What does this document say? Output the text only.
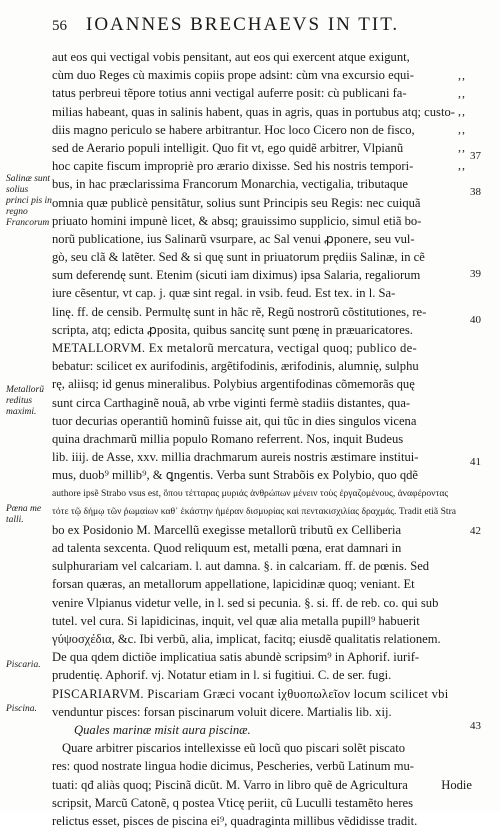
56 IOANNES BRECHAEVS IN TIT.
aut eos qui vectigal vobis pensitant, aut eos qui exercent atque exigunt,
cùm duo Reges cù maximis copiis prope adsint: cùm vna excursio equi-
tatus perbreui tẽpore totius anni vectigal auferre posit: cù publicani fa-
milias habeant, quas in salinis habent, quas in agris, quas in portubus atq; custo-
diis magno periculo se habere arbitrantur. Hoc loco Cicero non de fisco,
sed de Aerario populi intelligit. Quo fit vt, ego quidẽ arbitrer, Vlpianũ
hoc capite fiscum impropriè pro ærario dixisse. Sed his nostris tempori-
bus, in hac præclarissima Francorum Monarchia, vectigalia, tributaque
omnia quæ publicè pensitãtur, solius sunt Principis seu Regis: nec cuiquã
priuato homini impunè licet, & absq; grauissimo supplicio, simul etiã bo-
norũ publicatione, ius Salinarũ vsurpare, ac Sal venui ꝓponere, seu vul-
gò, seu clã & latẽter. Sed & si quę sunt in priuatorum prędiis Salinæ, in cẽ
sum deferendę sunt. Etenim (sicuti iam diximus) ipsa Salaria, regaliorum
iure cẽsentur, vt cap. j. quæ sint regal. in vsib. feud. Est tex. in l. Sa-
linę. ff. de censib. Permultę sunt in hãc rẽ, Regũ nostrorũ cõstitutiones, re-
scripta, atq; edicta ꝓposita, quibus sancitę sunt pœnę in præuaricatores.
METALLORVM. Ex metalorũ mercatura, vectigal quoq; publico de-
bebatur: scilicet ex aurifodinis, argẽtifodinis, ærifodinis, alumnię, sulphu
rę, aliisq; id genus mineralibus. Polybius argentifodinas cõmemorãs quę
sunt circa Carthaginẽ nouã, ab vrbe viginti fermè stadiis distantes, qua-
tuor decurias operantiũ hominũ fuisse ait, qui tũc in dies singulos vicena
quina drachmarũ millia populo Romano referrent. Nos, inquit Budeus
lib. iiij. de Asse, xxv. millia drachmarum aureis nostris æstimare institui-
mus, duob⁹ millib⁹, & ꝗngentis. Verba sunt Strabõis ex Polybio, quo qdẽ
authore ipsẽ Strabo vsus est, ὅπου τέτταρας μυριάς ἀνθρώπων μένειν τοὺς ἐργαζομένους, ἀναφέροντας
τότε τῷ δήμῳ τῶν ῥωμαίων καθ᾽ ἑκάστην ἡμέραν δισμυρίας καὶ πεντακισχιλίας δραχμάς. Tradit etiã Stra
bo ex Posidonio M. Marcellũ exegisse metallorũ tributũ ex Celliberia
ad talenta sexcenta. Quod reliquum est, metalli pœna, erat damnari in
sulphurariam vel calcariam. l. aut damna. §. in calcariam. ff. de pœnis. Sed
forsan quæras, an metallorum appellatione, lapicidinæ quoq; veniant. Et
venire Vlpianus videtur velle, in l. sed si pecunia. §. si. ff. de reb. co. qui sub
tutel. vel cura. Si lapidicinas, inquit, vel quæ alia metalla pupill⁹ habuerit
γύψοσχέδια, &c. Ibi verbũ, alia, implicat, facitq; eiusdẽ qualitatis relationem.
De qua qdem dictiõe implicatiua satis abundè scripsim⁹ in Aphorif. iurif-
prudentię. Aphorif. vj. Notatur etiam in l. si fugitiui. C. de ser. fugi.
PISCARIARVM. Piscariam Græci vocant ἰχθυοπωλεῖον locum scilicet vbi
venduntur pisces: forsan piscinarum voluit dicere. Martialis lib. xij.
Quales marinæ misit aura piscinæ.
Quare arbitrer piscarios intellexisse eũ locũ quo piscari solẽt piscato
res: quod nostrate lingua hodie dicimus, Pescheries, verbũ Latinum mu-
tuati: qđ aliàs quoq; Piscinã dicũt. M. Varro in libro quẽ de Agricultura
scripsit, Marcũ Catonẽ, q postea Vticę periit, cũ Luculli testamẽto heres
relictus esset, pisces de piscina ei⁹, quadraginta millibus vẽdidisse tradit.
Salinæ sunt solius princi pis in regno Francorum
Metallorũ reditus maximi.
Pœna me talli.
Piscaria.
Piscina.
,,
,,
,,
,,
,,
,,
37
38
39
40
41
42
43
Hodie
